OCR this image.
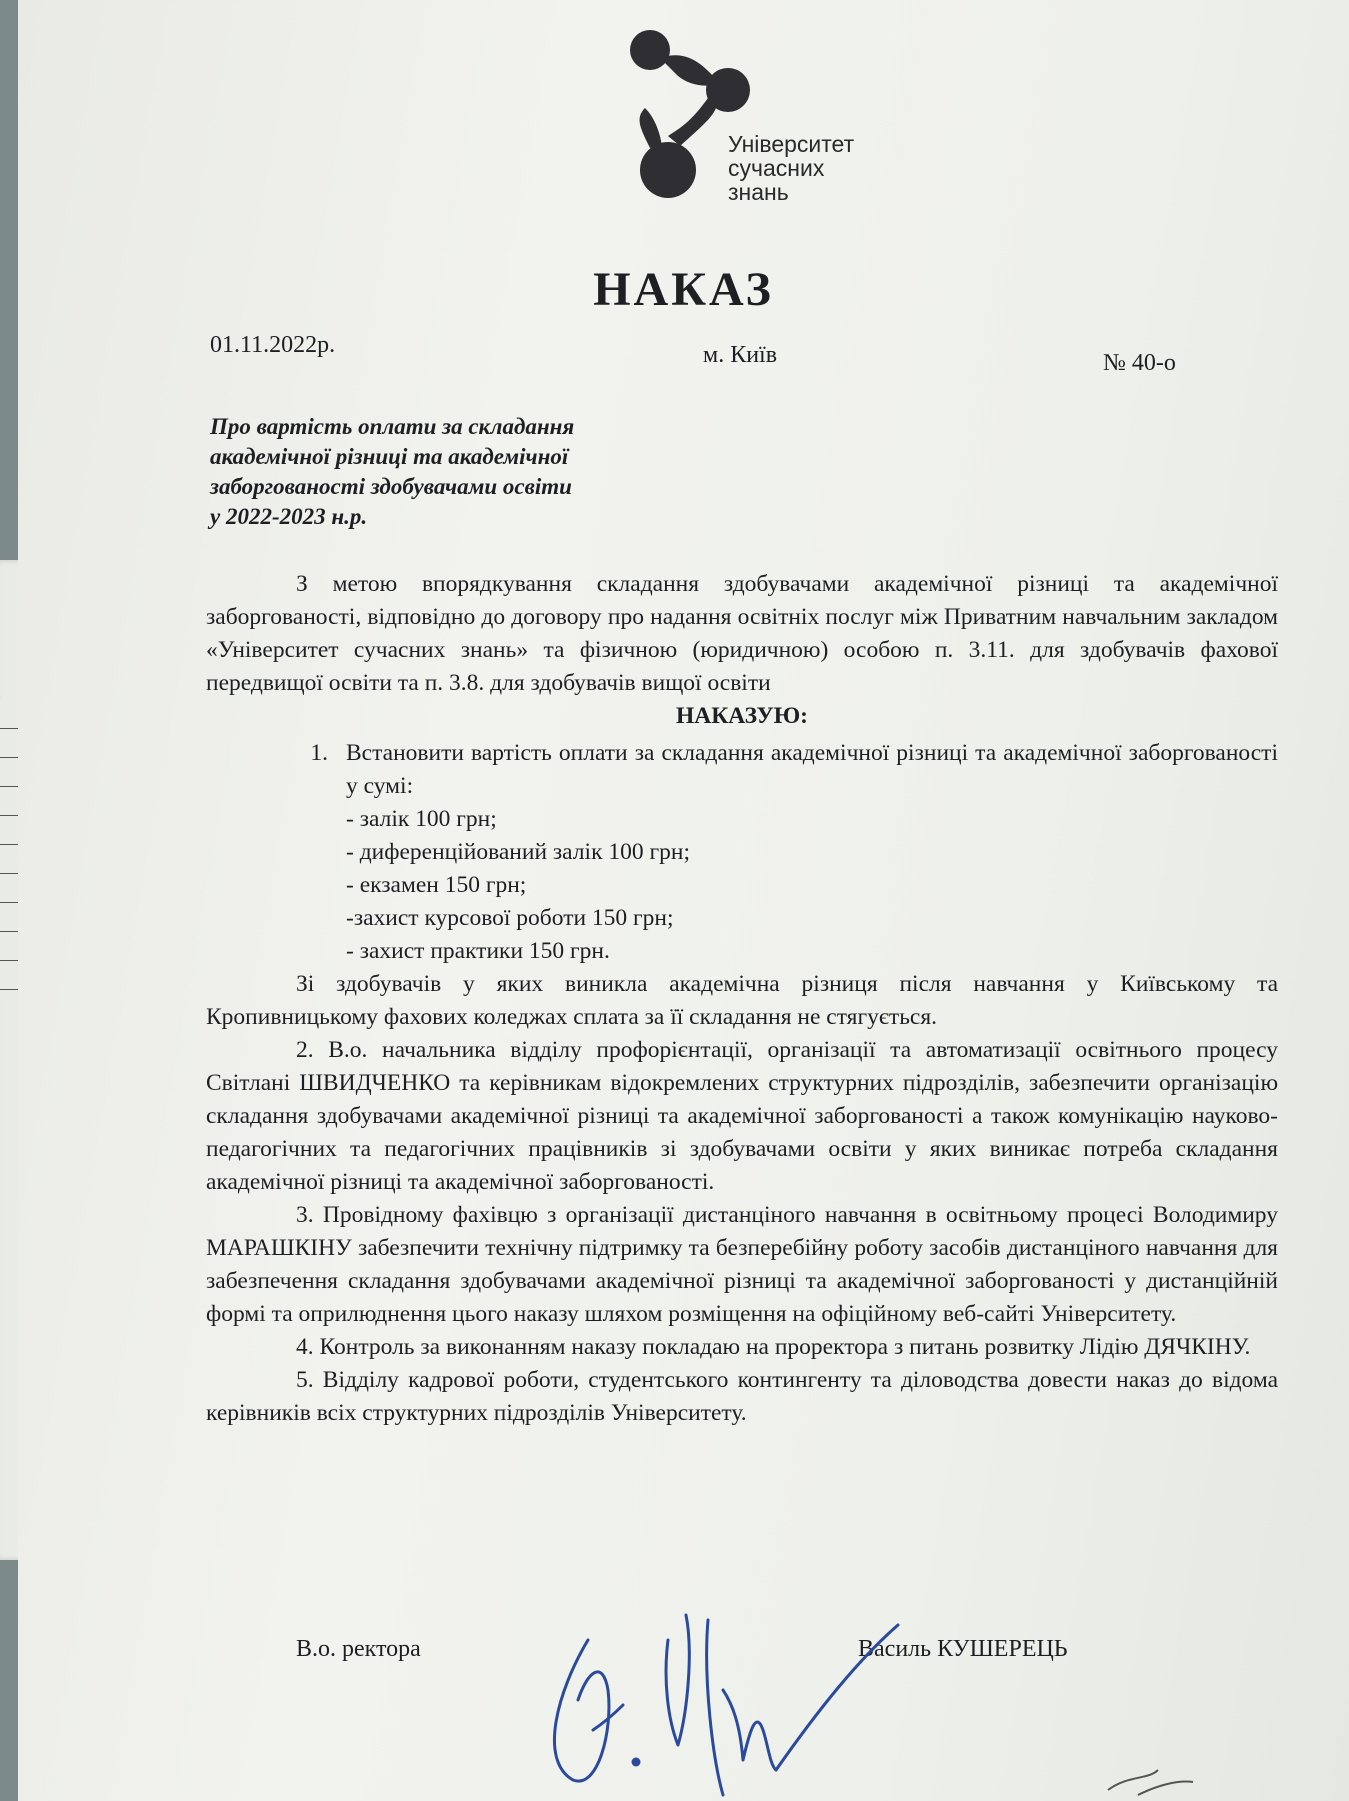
Університет
сучасних
знань
НАКАЗ
01.11.2022р.	м. Київ	№ 40-о
Про вартість оплати за складання
академічної різниці та академічної
заборгованості здобувачами освіти
у 2022-2023 н.р.

З метою впорядкування складання здобувачами академічної різниці та академічної заборгованості, відповідно до договору про надання освітніх послуг між Приватним навчальним закладом «Університет сучасних знань» та фізичною (юридичною) особою п. 3.11. для здобувачів фахової передвищої освіти та п. 3.8. для здобувачів вищої освіти

НАКАЗУЮ:

1. Встановити вартість оплати за складання академічної різниці та академічної заборгованості у сумі:
- залік 100 грн;
- диференційований залік 100 грн;
- екзамен 150 грн;
-захист курсової роботи 150 грн;
- захист практики 150 грн.

Зі здобувачів у яких виникла академічна різниця після навчання у Київському та Кропивницькому фахових коледжах сплата за її складання не стягується.

2. В.о. начальника відділу профорієнтації, організації та автоматизації освітнього процесу Світлані ШВИДЧЕНКО та керівникам відокремлених структурних підрозділів, забезпечити організацію складання здобувачами академічної різниці та академічної заборгованості а також комунікацію науково-педагогічних та педагогічних працівників зі здобувачами освіти у яких виникає потреба складання академічної різниці та академічної заборгованості.

3. Провідному фахівцю з організації дистанціного навчання в освітньому процесі Володимиру МАРАШКІНУ забезпечити технічну підтримку та безперебійну роботу засобів дистанціного навчання для забезпечення складання здобувачами академічної різниці та академічної заборгованості у дистанційній формі та оприлюднення цього наказу шляхом розміщення на офіційному веб-сайті Університету.

4. Контроль за виконанням наказу покладаю на проректора з питань розвитку Лідію ДЯЧКІНУ.

5. Відділу кадрової роботи, студентського контингенту та діловодства довести наказ до відома керівників всіх структурних підрозділів Університету.

В.о. ректора	Василь КУШЕРЕЦЬ
